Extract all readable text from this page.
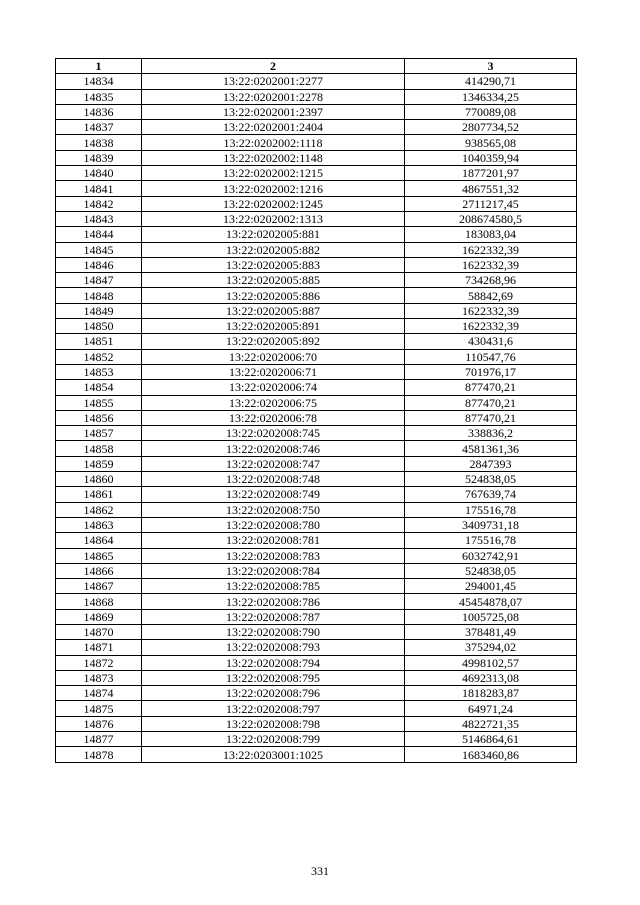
1	2	3
14834	13:22:0202001:2277	414290,71
14835	13:22:0202001:2278	1346334,25
14836	13:22:0202001:2397	770089,08
14837	13:22:0202001:2404	2807734,52
14838	13:22:0202002:1118	938565,08
14839	13:22:0202002:1148	1040359,94
14840	13:22:0202002:1215	1877201,97
14841	13:22:0202002:1216	4867551,32
14842	13:22:0202002:1245	2711217,45
14843	13:22:0202002:1313	208674580,5
14844	13:22:0202005:881	183083,04
14845	13:22:0202005:882	1622332,39
14846	13:22:0202005:883	1622332,39
14847	13:22:0202005:885	734268,96
14848	13:22:0202005:886	58842,69
14849	13:22:0202005:887	1622332,39
14850	13:22:0202005:891	1622332,39
14851	13:22:0202005:892	430431,6
14852	13:22:0202006:70	110547,76
14853	13:22:0202006:71	701976,17
14854	13:22:0202006:74	877470,21
14855	13:22:0202006:75	877470,21
14856	13:22:0202006:78	877470,21
14857	13:22:0202008:745	338836,2
14858	13:22:0202008:746	4581361,36
14859	13:22:0202008:747	2847393
14860	13:22:0202008:748	524838,05
14861	13:22:0202008:749	767639,74
14862	13:22:0202008:750	175516,78
14863	13:22:0202008:780	3409731,18
14864	13:22:0202008:781	175516,78
14865	13:22:0202008:783	6032742,91
14866	13:22:0202008:784	524838,05
14867	13:22:0202008:785	294001,45
14868	13:22:0202008:786	45454878,07
14869	13:22:0202008:787	1005725,08
14870	13:22:0202008:790	378481,49
14871	13:22:0202008:793	375294,02
14872	13:22:0202008:794	4998102,57
14873	13:22:0202008:795	4692313,08
14874	13:22:0202008:796	1818283,87
14875	13:22:0202008:797	64971,24
14876	13:22:0202008:798	4822721,35
14877	13:22:0202008:799	5146864,61
14878	13:22:0203001:1025	1683460,86
331
